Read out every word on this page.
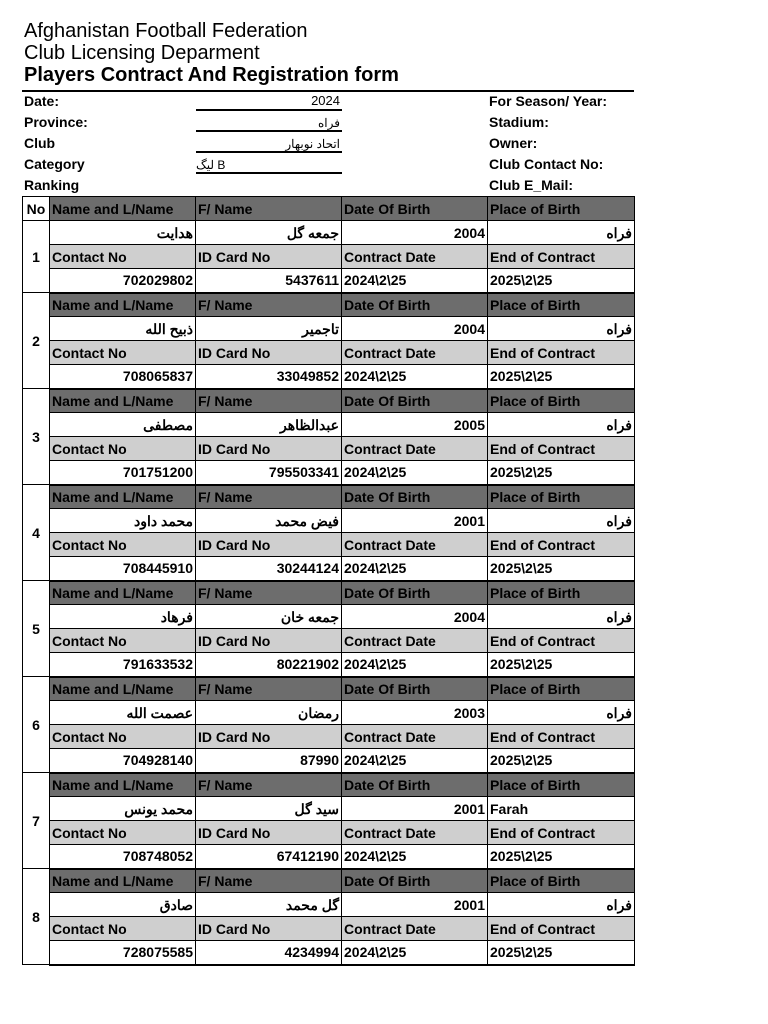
Afghanistan Football Federation
Club Licensing Deparment
Players Contract And Registration form
Date:	2024
Province:	فراه
Club	اتحاد نوبهار
Category	B لیگ
Ranking
For Season/ Year:
Stadium:
Owner:
Club Contact No:
Club E_Mail:
No	Name and L/Name	F/ Name	Date Of Birth	Place of Birth
1	هدایت	جمعه گل	2004	فراه
	Contact No	ID Card No	Contract Date	End of Contract
	702029802	5437611	2024\2\25	2025\2\25
2	Name and L/Name	F/ Name	Date Of Birth	Place of Birth
	ذبیح الله	تاجمیر	2004	فراه
	Contact No	ID Card No	Contract Date	End of Contract
	708065837	33049852	2024\2\25	2025\2\25
3	Name and L/Name	F/ Name	Date Of Birth	Place of Birth
	مصطفی	عبدالظاهر	2005	فراه
	Contact No	ID Card No	Contract Date	End of Contract
	701751200	795503341	2024\2\25	2025\2\25
4	Name and L/Name	F/ Name	Date Of Birth	Place of Birth
	محمد داود	فیض محمد	2001	فراه
	Contact No	ID Card No	Contract Date	End of Contract
	708445910	30244124	2024\2\25	2025\2\25
5	Name and L/Name	F/ Name	Date Of Birth	Place of Birth
	فرهاد	جمعه خان	2004	فراه
	Contact No	ID Card No	Contract Date	End of Contract
	791633532	80221902	2024\2\25	2025\2\25
6	Name and L/Name	F/ Name	Date Of Birth	Place of Birth
	عصمت الله	رمضان	2003	فراه
	Contact No	ID Card No	Contract Date	End of Contract
	704928140	87990	2024\2\25	2025\2\25
7	Name and L/Name	F/ Name	Date Of Birth	Place of Birth
	محمد یونس	سید گل	2001	Farah
	Contact No	ID Card No	Contract Date	End of Contract
	708748052	67412190	2024\2\25	2025\2\25
8	Name and L/Name	F/ Name	Date Of Birth	Place of Birth
	صادق	گل محمد	2001	فراه
	Contact No	ID Card No	Contract Date	End of Contract
	728075585	4234994	2024\2\25	2025\2\25
